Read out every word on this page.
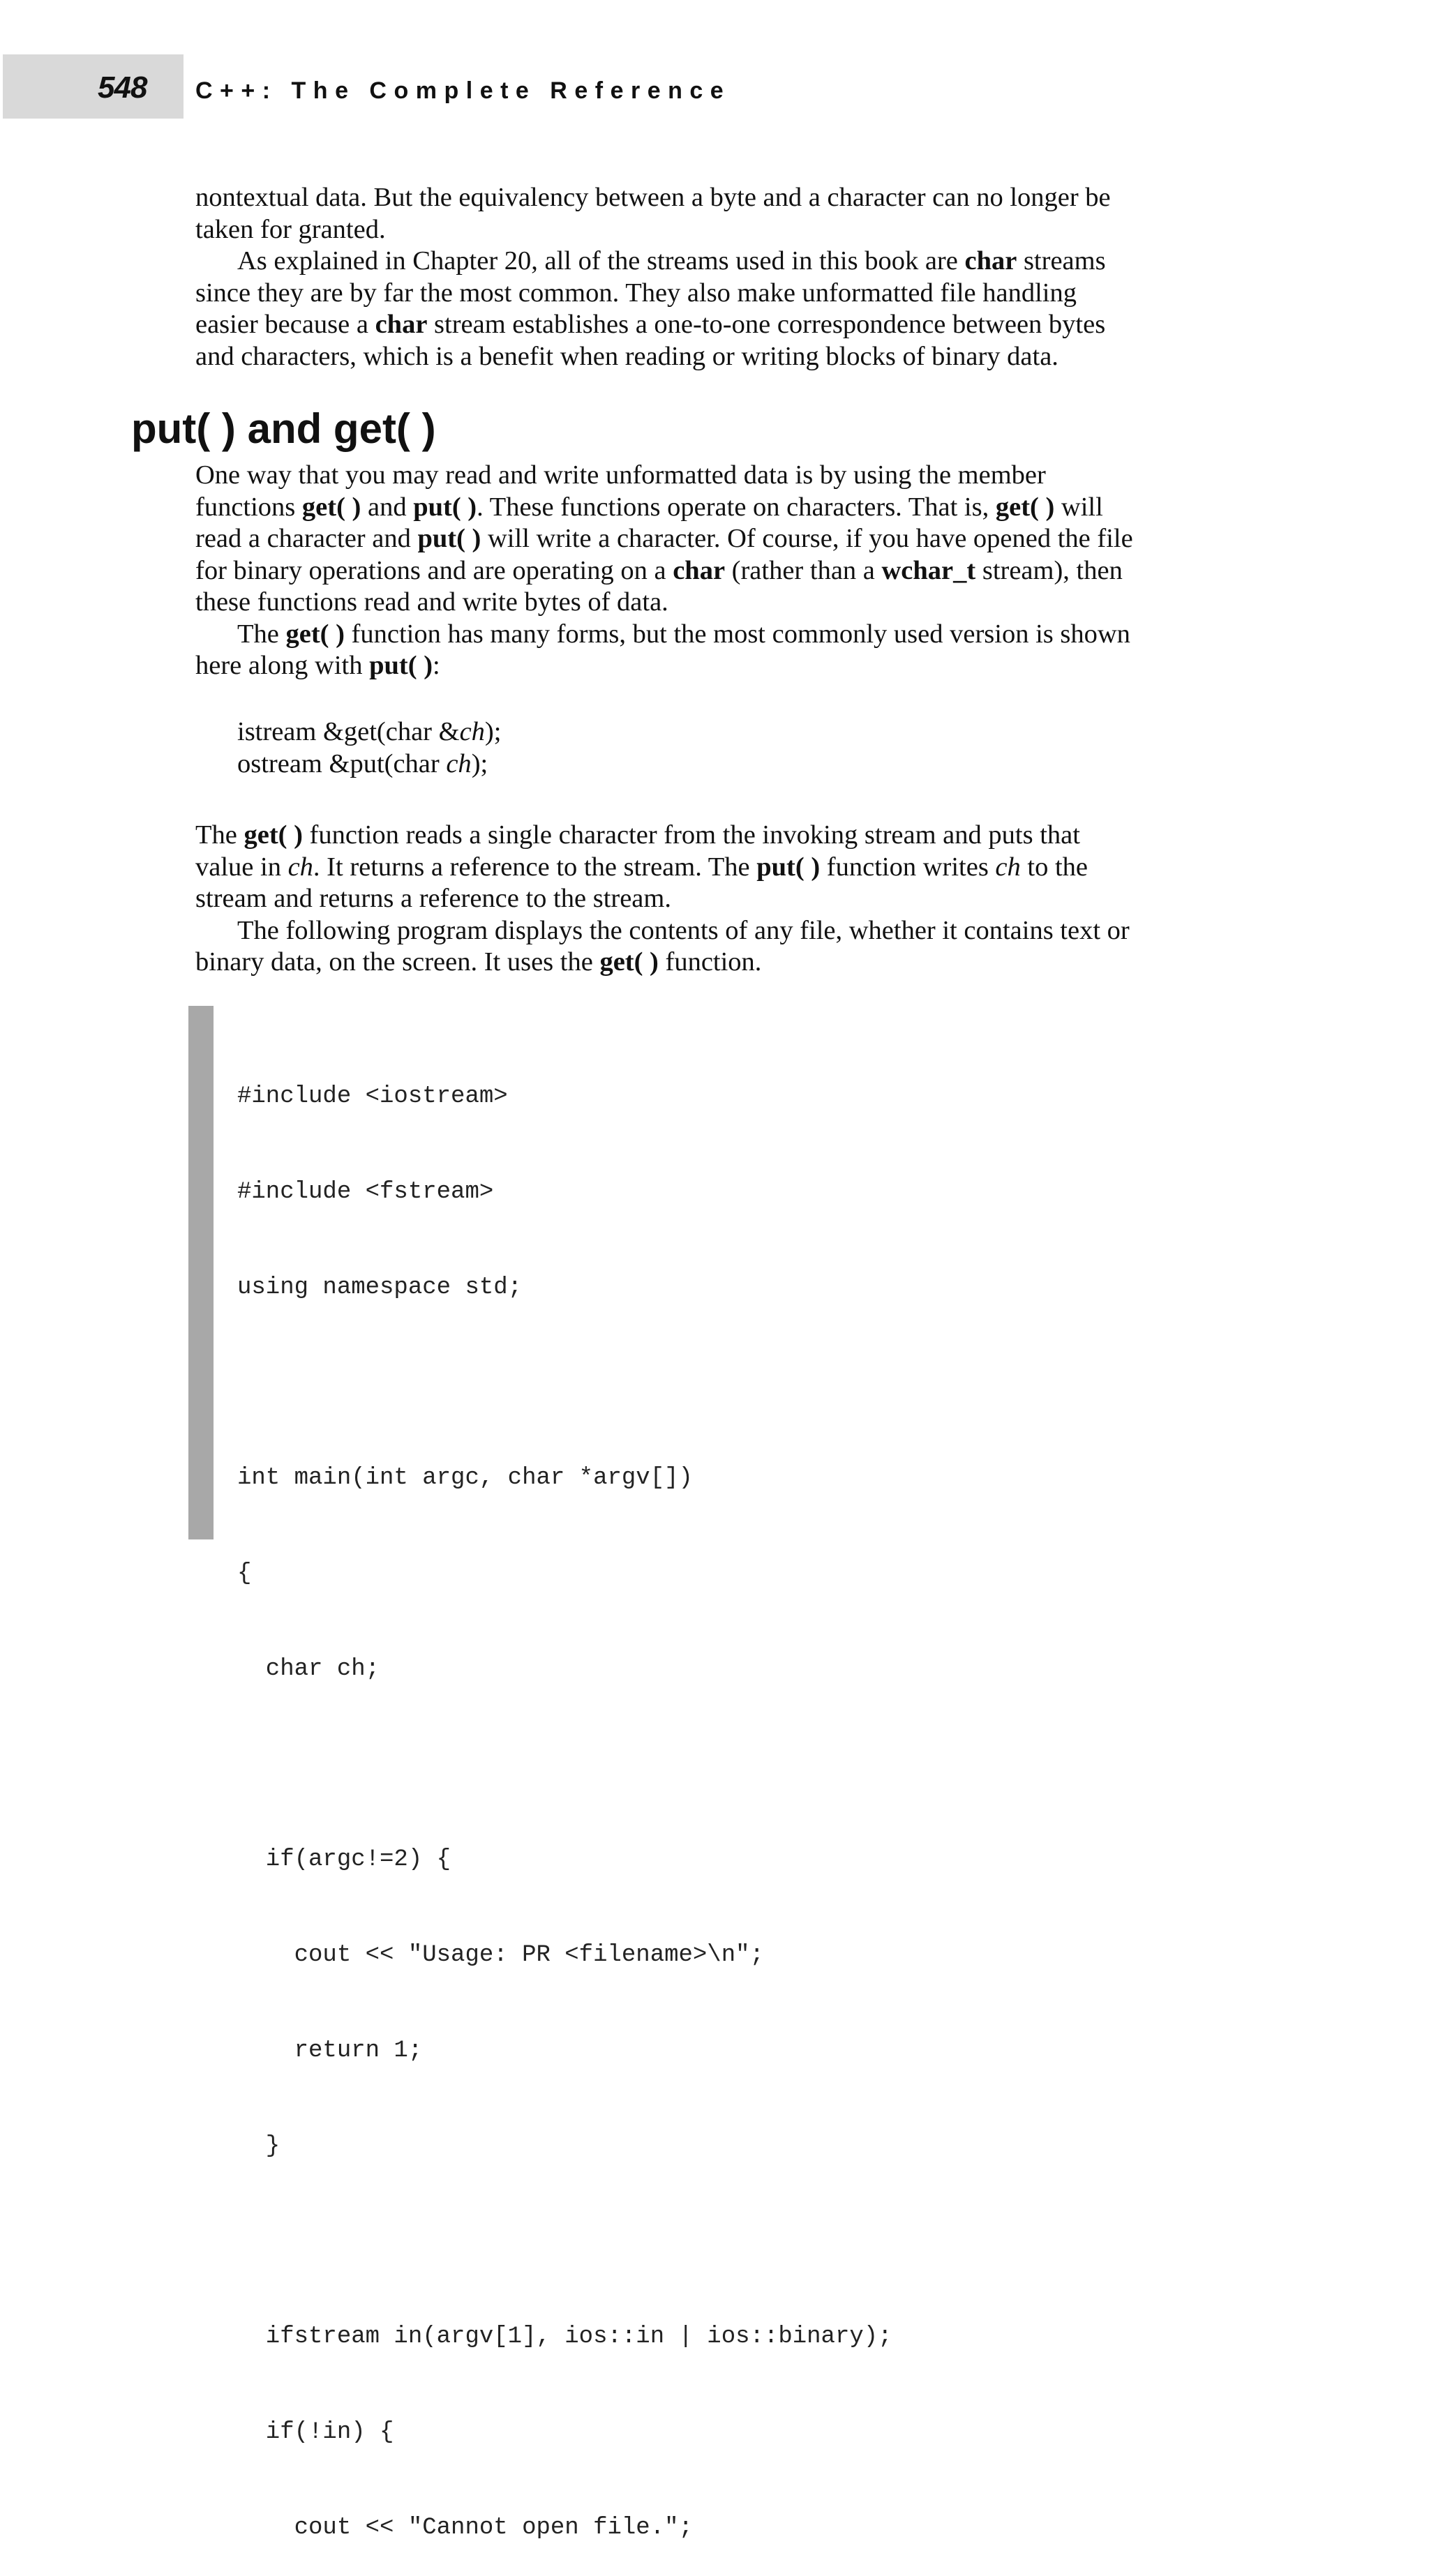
548 C++: The Complete Reference
nontextual data. But the equivalency between a byte and a character can no longer be
taken for granted.
As explained in Chapter 20, all of the streams used in this book are char streams
since they are by far the most common. They also make unformatted file handling
easier because a char stream establishes a one-to-one correspondence between bytes
and characters, which is a benefit when reading or writing blocks of binary data.
put( ) and get( )
One way that you may read and write unformatted data is by using the member
functions get( ) and put( ). These functions operate on characters. That is, get( ) will
read a character and put( ) will write a character. Of course, if you have opened the file
for binary operations and are operating on a char (rather than a wchar_t stream), then
these functions read and write bytes of data.
The get( ) function has many forms, but the most commonly used version is shown
here along with put( ):
istream &get(char &ch);
ostream &put(char ch);
The get( ) function reads a single character from the invoking stream and puts that
value in ch. It returns a reference to the stream. The put( ) function writes ch to the
stream and returns a reference to the stream.
The following program displays the contents of any file, whether it contains text or
binary data, on the screen. It uses the get( ) function.

#include <iostream>

#include <fstream>

using namespace std;

int main(int argc, char *argv[])

{

char ch;

if(argc!=2) {

cout << "Usage: PR <filename>\n";

return 1;

}

ifstream in(argv[1], ios::in | ios::binary);

if(!in) {

cout << "Cannot open file.";
